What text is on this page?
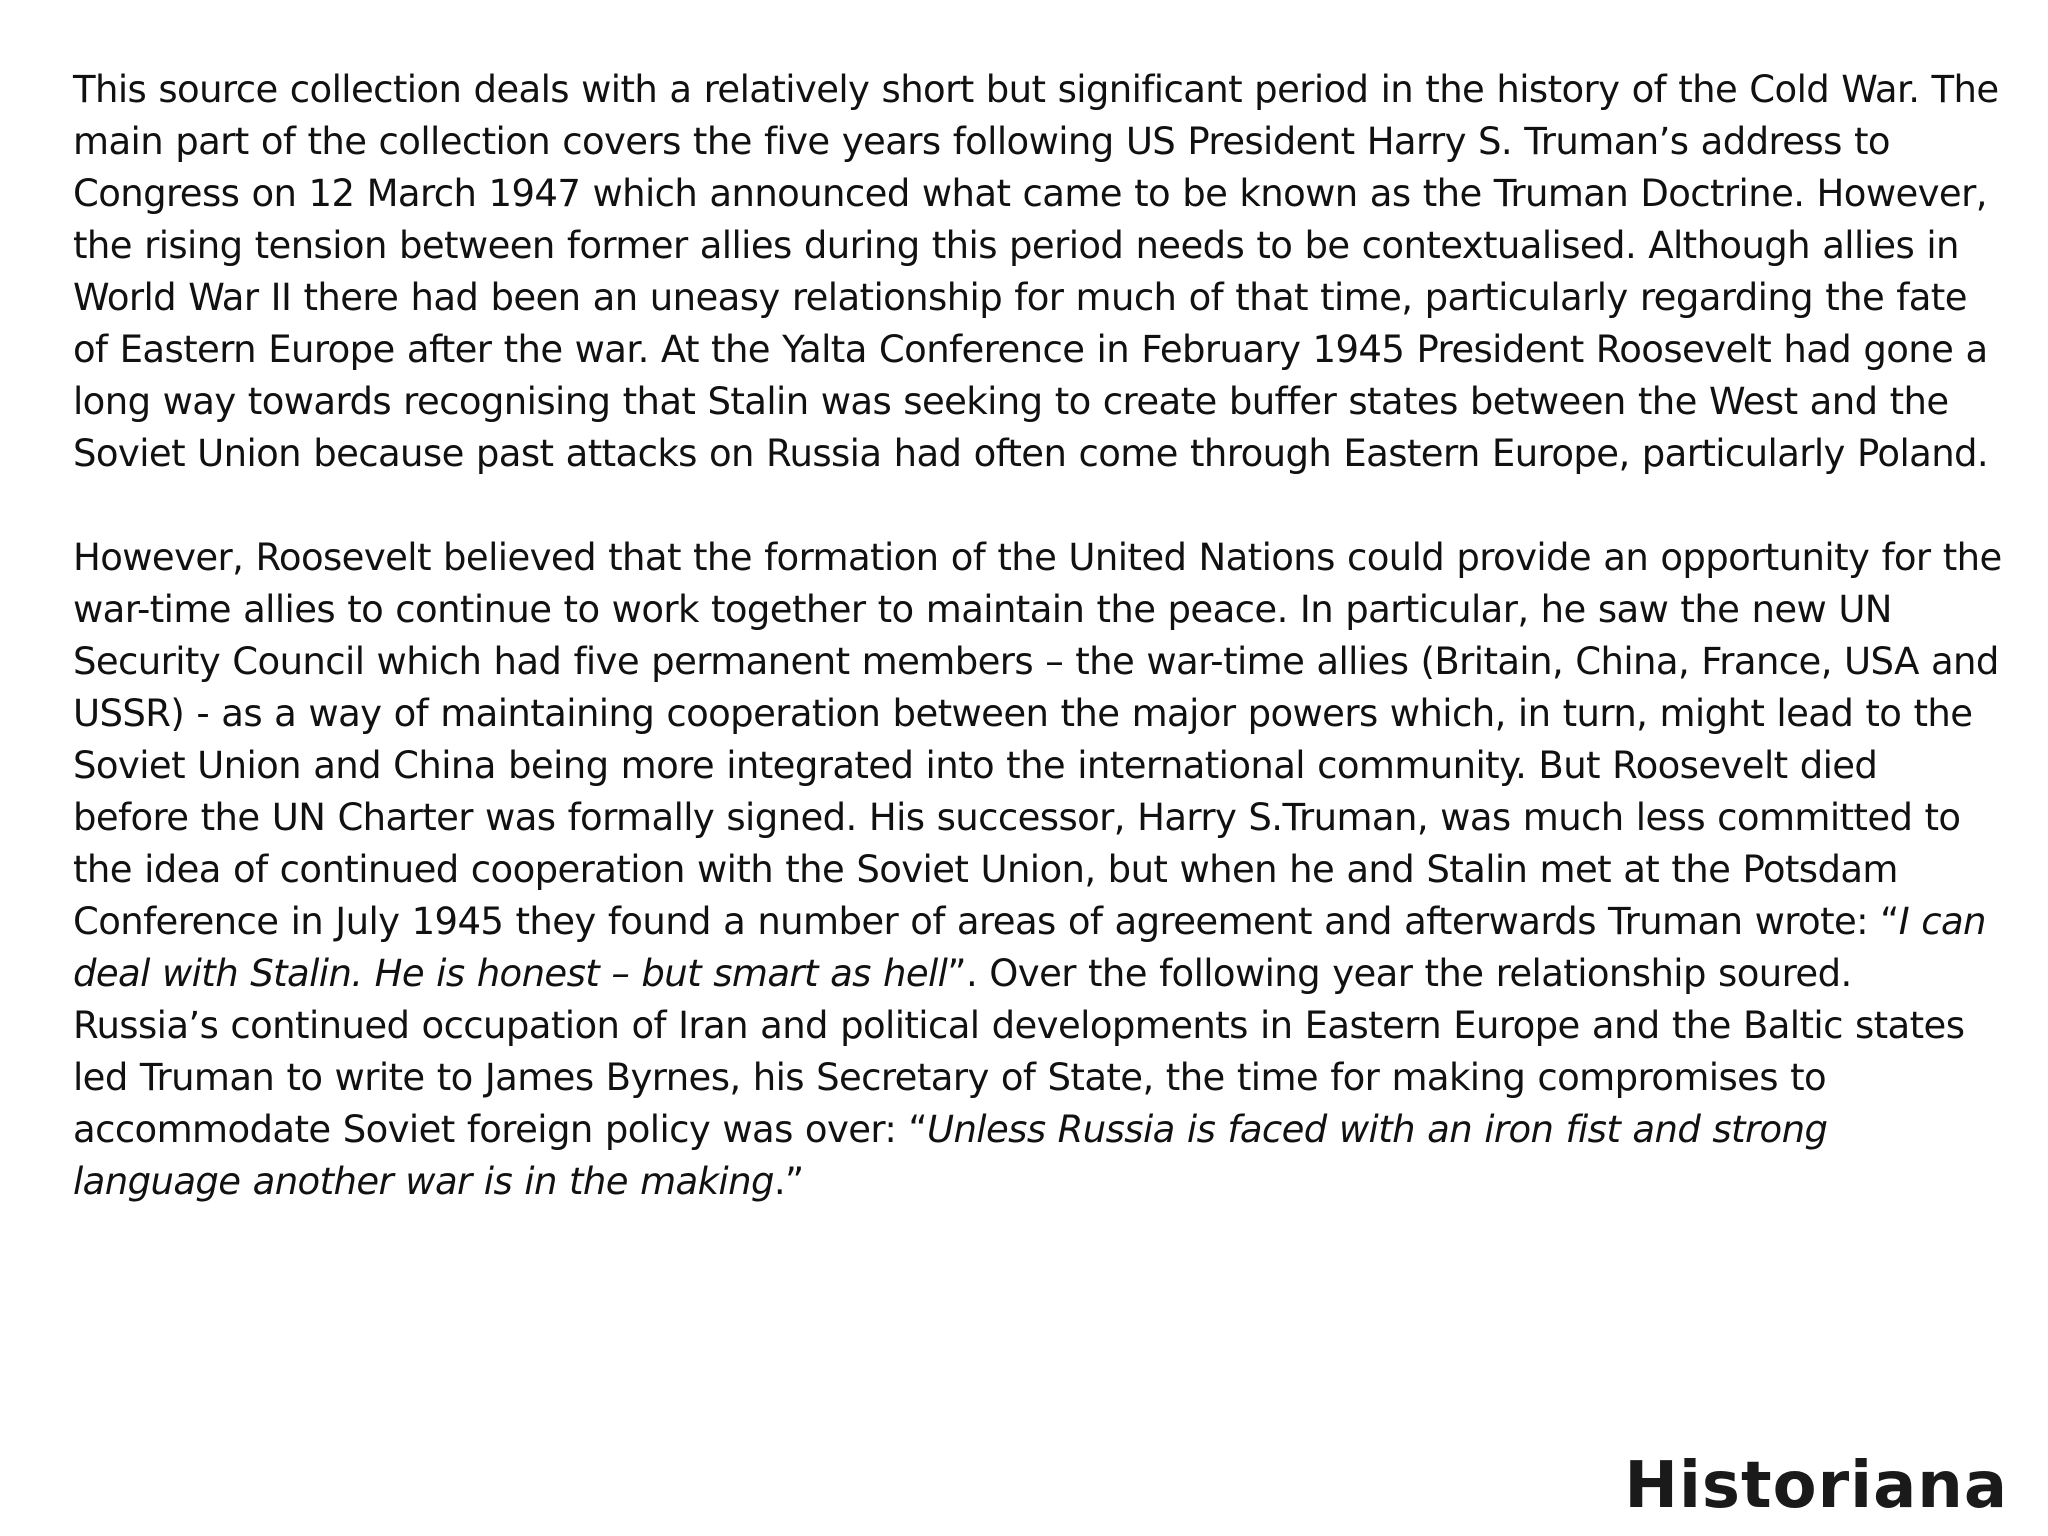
This source collection deals with a relatively short but significant period in the history of the Cold War. The main part of the collection covers the five years following US President Harry S. Truman’s address to Congress on 12 March 1947 which announced what came to be known as the Truman Doctrine. However, the rising tension between former allies during this period needs to be contextualised. Although allies in World War II there had been an uneasy relationship for much of that time, particularly regarding the fate of Eastern Europe after the war. At the Yalta Conference in February 1945 President Roosevelt had gone a long way towards recognising that Stalin was seeking to create buffer states between the West and the Soviet Union because past attacks on Russia had often come through Eastern Europe, particularly Poland.

However, Roosevelt believed that the formation of the United Nations could provide an opportunity for the war-time allies to continue to work together to maintain the peace. In particular, he saw the new UN Security Council which had five permanent members – the war-time allies (Britain, China, France, USA and USSR) - as a way of maintaining cooperation between the major powers which, in turn, might lead to the Soviet Union and China being more integrated into the international community. But Roosevelt died before the UN Charter was formally signed. His successor, Harry S.Truman, was much less committed to the idea of continued cooperation with the Soviet Union, but when he and Stalin met at the Potsdam Conference in July 1945 they found a number of areas of agreement and afterwards Truman wrote: “I can deal with Stalin. He is honest – but smart as hell”. Over the following year the relationship soured. Russia’s continued occupation of Iran and political developments in Eastern Europe and the Baltic states led Truman to write to James Byrnes, his Secretary of State, the time for making compromises to accommodate Soviet foreign policy was over: “Unless Russia is faced with an iron fist and strong language another war is in the making.”

Historiana
